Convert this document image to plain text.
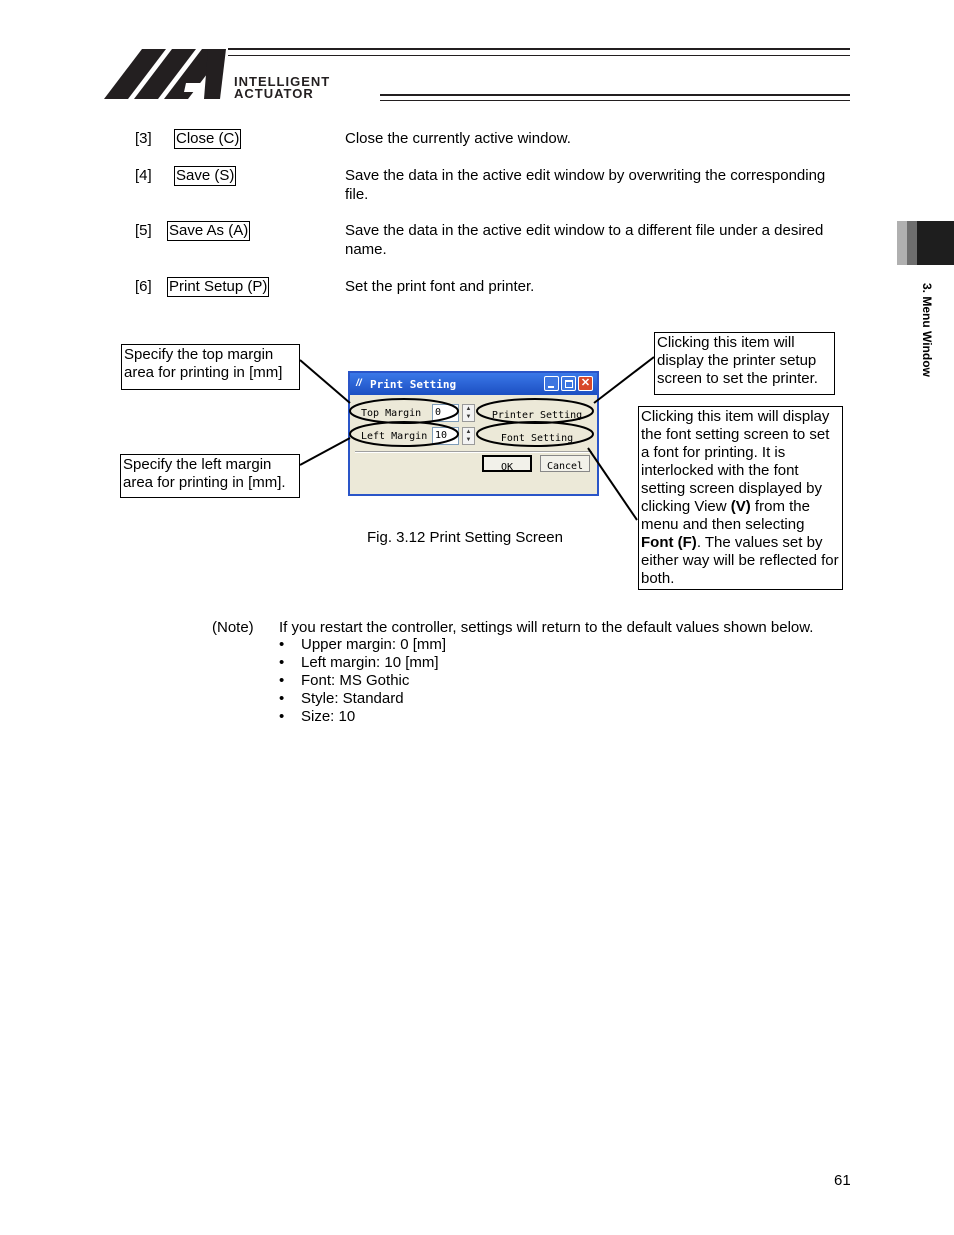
INTELLIGENT
ACTUATOR
3. Menu Window
[3] Close (C)	Close the currently active window.
[4] Save (S)	Save the data in the active edit window by overwriting the corresponding file.
[5] Save As (A)	Save the data in the active edit window to a different file under a desired name.
[6] Print Setup (P)	Set the print font and printer.
Specify the top margin area for printing in [mm]
Specify the left margin area for printing in [mm].
Clicking this item will display the printer setup screen to set the printer.
Clicking this item will display the font setting screen to set a font for printing. It is interlocked with the font setting screen displayed by clicking View (V) from the menu and then selecting Font (F). The values set by either way will be reflected for both.
// Print Setting	✕
Top Margin 0	▲
▼
Left Margin 10	▲
▼
Printer Setting
Font Setting
OK	Cancel
Fig. 3.12 Print Setting Screen
(Note) If you restart the controller, settings will return to the default values shown below.
• Upper margin: 0 [mm]
• Left margin: 10 [mm]
• Font: MS Gothic
• Style: Standard
• Size: 10
61
